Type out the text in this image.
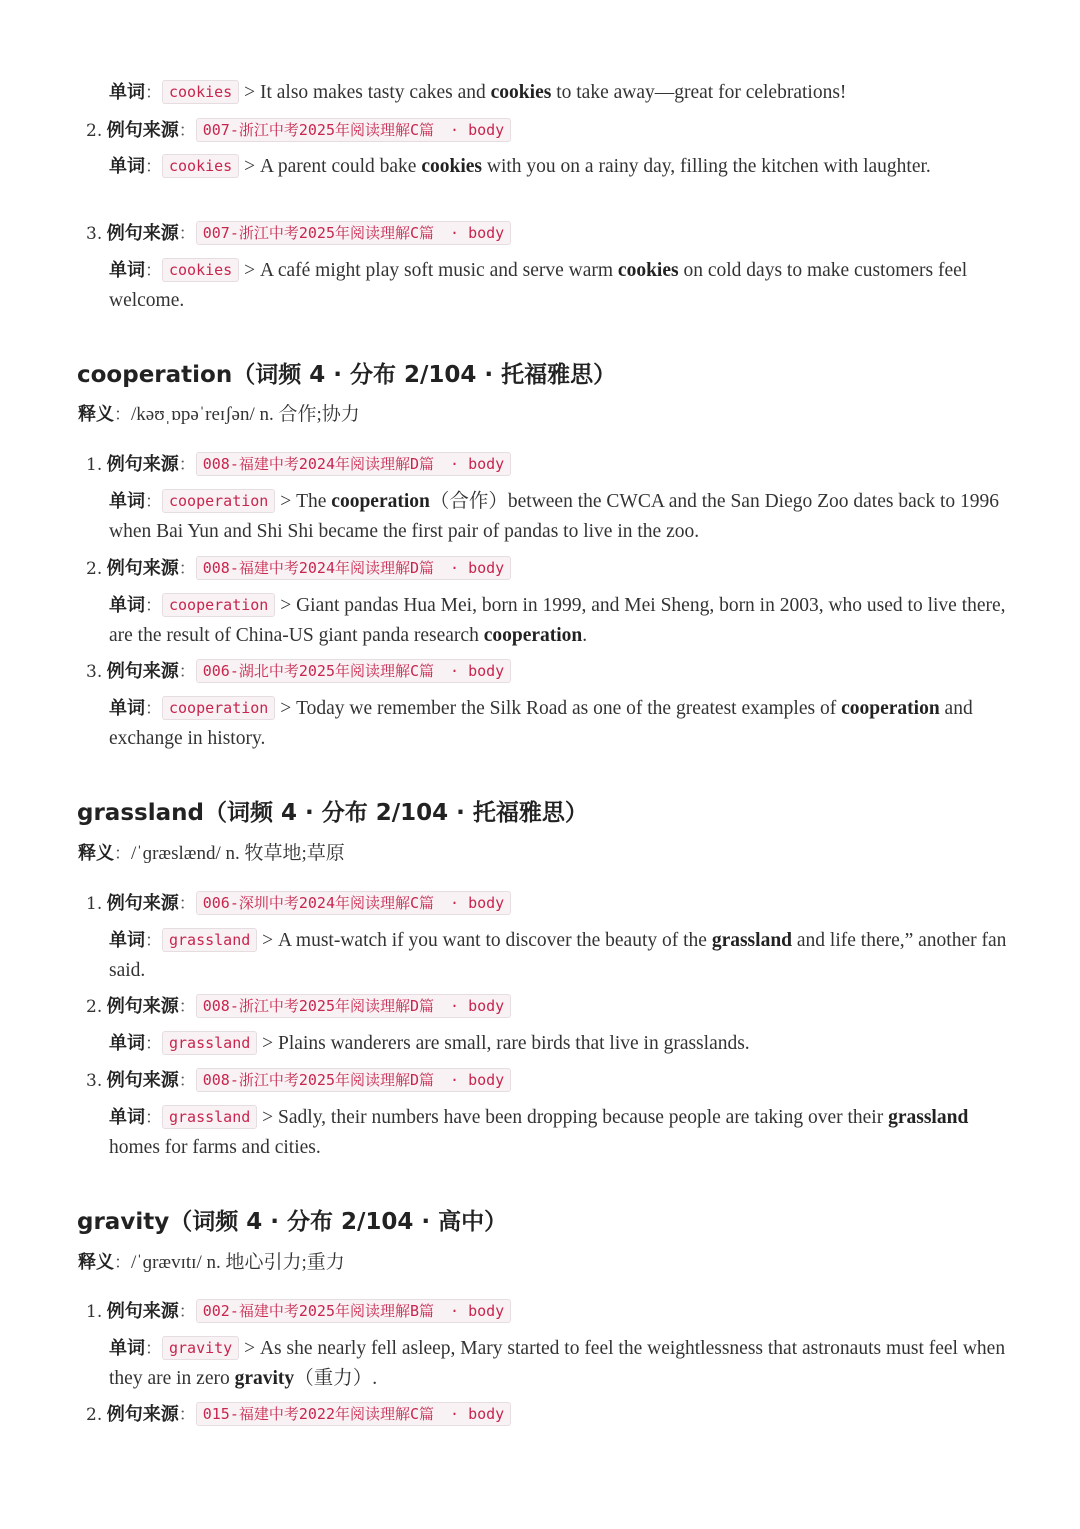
单词： cookies > It also makes tasty cakes and cookies to take away—great for celebrations!
2. 例句来源： 007-浙江中考2025年阅读理解C篇 · body
单词： cookies > A parent could bake cookies with you on a rainy day, filling the kitchen with laughter.
3. 例句来源： 007-浙江中考2025年阅读理解C篇 · body
单词： cookies > A café might play soft music and serve warm cookies on cold days to make customers feel welcome.
cooperation（词频 4 · 分布 2/104 · 托福雅思）
释义：/kəʊˌɒpəˈreɪʃən/ n. 合作;协力
1. 例句来源： 008-福建中考2024年阅读理解D篇 · body
单词： cooperation > The cooperation（合作）between the CWCA and the San Diego Zoo dates back to 1996 when Bai Yun and Shi Shi became the first pair of pandas to live in the zoo.
2. 例句来源： 008-福建中考2024年阅读理解D篇 · body
单词： cooperation > Giant pandas Hua Mei, born in 1999, and Mei Sheng, born in 2003, who used to live there, are the result of China-US giant panda research cooperation.
3. 例句来源： 006-湖北中考2025年阅读理解C篇 · body
单词： cooperation > Today we remember the Silk Road as one of the greatest examples of cooperation and exchange in history.
grassland（词频 4 · 分布 2/104 · 托福雅思）
释义：/ˈɡræslænd/ n. 牧草地;草原
1. 例句来源： 006-深圳中考2024年阅读理解C篇 · body
单词： grassland > A must-watch if you want to discover the beauty of the grassland and life there,” another fan said.
2. 例句来源： 008-浙江中考2025年阅读理解D篇 · body
单词： grassland > Plains wanderers are small, rare birds that live in grasslands.
3. 例句来源： 008-浙江中考2025年阅读理解D篇 · body
单词： grassland > Sadly, their numbers have been dropping because people are taking over their grassland homes for farms and cities.
gravity（词频 4 · 分布 2/104 · 高中）
释义：/ˈɡrævɪtɪ/ n. 地心引力;重力
1. 例句来源： 002-福建中考2025年阅读理解B篇 · body
单词： gravity > As she nearly fell asleep, Mary started to feel the weightlessness that astronauts must feel when they are in zero gravity（重力）.
2. 例句来源： 015-福建中考2022年阅读理解C篇 · body
